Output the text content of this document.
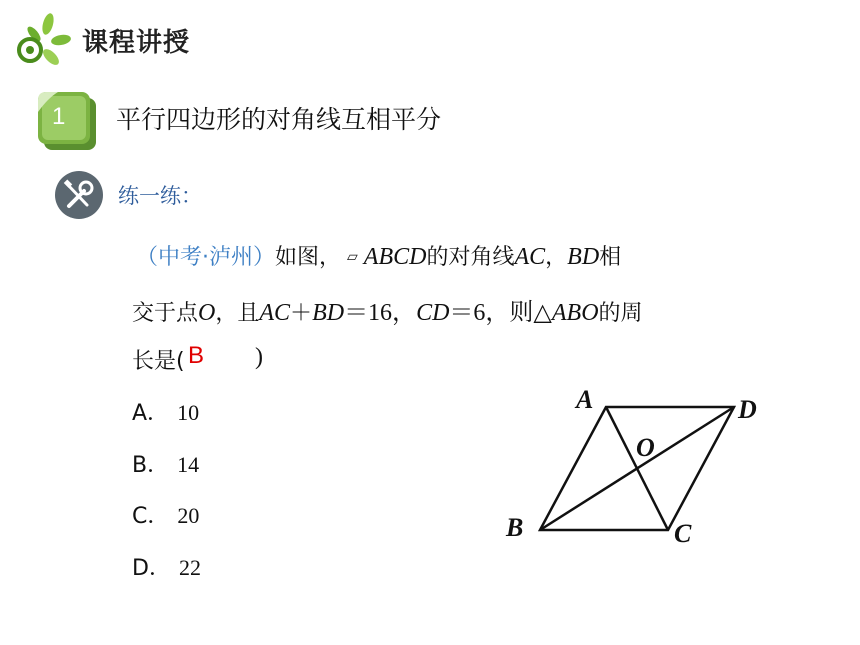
课程讲授
1 平行四边形的对角线互相平分
练一练：
（中考·泸州）如图， ▱ ABCD的对角线AC，BD相
交于点O，且AC＋BD＝16，CD＝6，则△ABO的周
长是( B )
A． 10
B． 14
C． 20
D． 22
A	D
O
B	C
